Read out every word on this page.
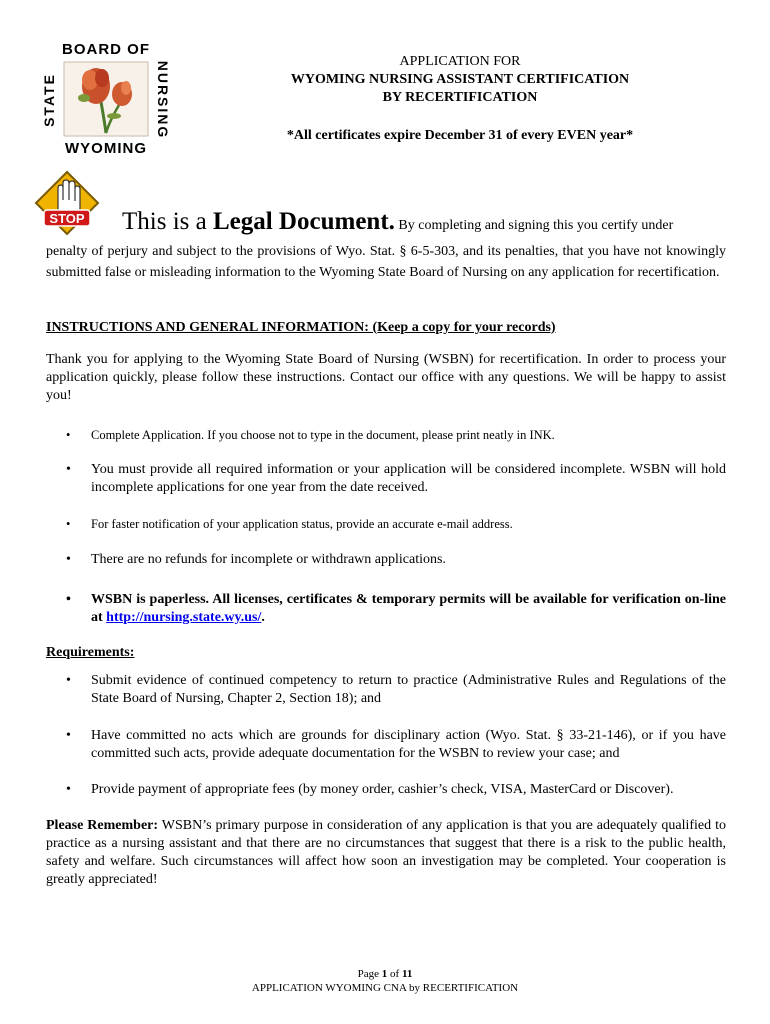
BOARD OF
WYOMING
STATE	NURSING	APPLICATION FOR
WYOMING NURSING ASSISTANT CERTIFICATION
BY RECERTIFICATION
*All certificates expire December 31 of every EVEN year*
STOP This is a Legal Document. By completing and signing this you certify under
penalty of perjury and subject to the provisions of Wyo. Stat. § 6-5-303, and its penalties, that you have not knowingly submitted false or misleading information to the Wyoming State Board of Nursing on any application for recertification.
INSTRUCTIONS AND GENERAL INFORMATION: (Keep a copy for your records)
Thank you for applying to the Wyoming State Board of Nursing (WSBN) for recertification. In order to process your application quickly, please follow these instructions. Contact our office with any questions. We will be happy to assist you!
•	Complete Application. If you choose not to type in the document, please print neatly in INK.
•	You must provide all required information or your application will be considered incomplete. WSBN will hold incomplete applications for one year from the date received.
•	For faster notification of your application status, provide an accurate e-mail address.
•	There are no refunds for incomplete or withdrawn applications.
•	WSBN is paperless. All licenses, certificates & temporary permits will be available for verification on-line at http://nursing.state.wy.us/.
Requirements:
•	Submit evidence of continued competency to return to practice (Administrative Rules and Regulations of the State Board of Nursing, Chapter 2, Section 18); and
•	Have committed no acts which are grounds for disciplinary action (Wyo. Stat. § 33-21-146), or if you have committed such acts, provide adequate documentation for the WSBN to review your case; and
•	Provide payment of appropriate fees (by money order, cashier’s check, VISA, MasterCard or Discover).
Please Remember: WSBN’s primary purpose in consideration of any application is that you are adequately qualified to practice as a nursing assistant and that there are no circumstances that suggest that there is a risk to the public health, safety and welfare. Such circumstances will affect how soon an investigation may be completed. Your cooperation is greatly appreciated!
Page 1 of 11
APPLICATION WYOMING CNA by RECERTIFICATION
